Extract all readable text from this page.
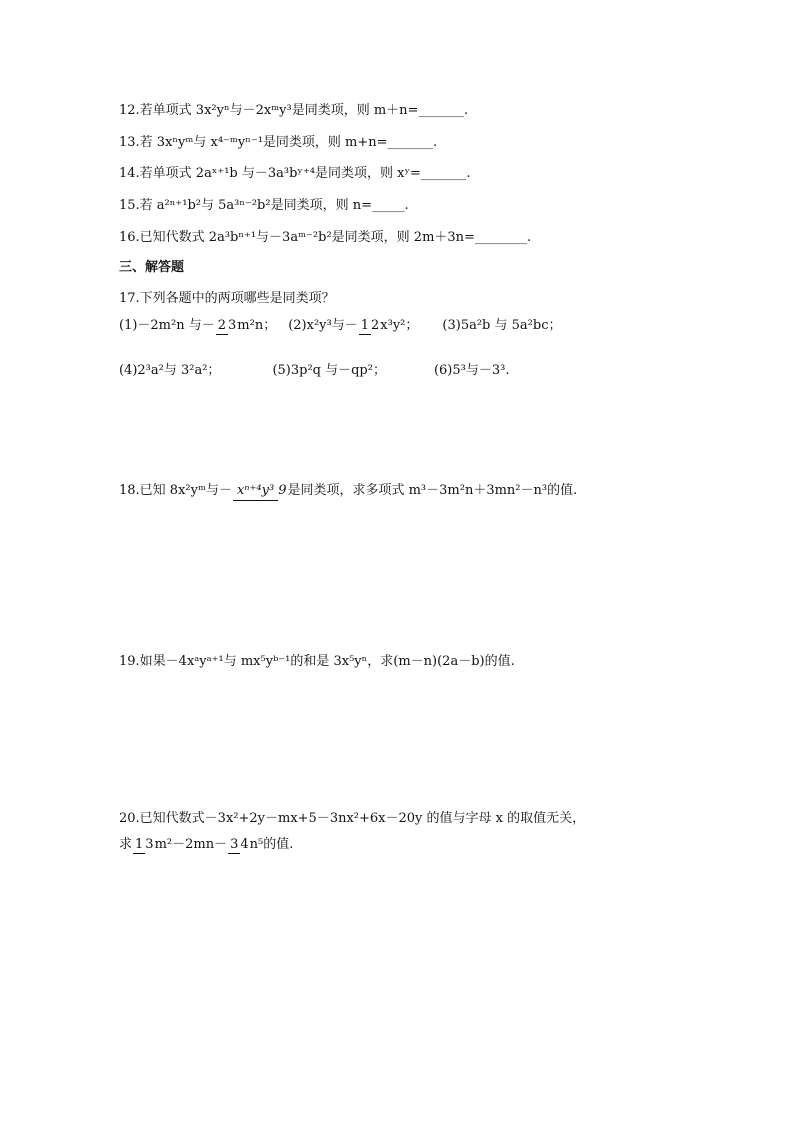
12.若单项式 3x²yⁿ与－2xᵐy³是同类项，则 m＋n=_______.
13.若 3xⁿyᵐ与 x⁴⁻ᵐyⁿ⁻¹是同类项，则 m+n=_______.
14.若单项式 2aˣ⁺¹b 与－3a³bʸ⁺⁴是同类项，则 xʸ=_______.
15.若 a²ⁿ⁺¹b²与 5a³ⁿ⁻²b²是同类项，则 n=_____.
16.已知代数式 2a³bⁿ⁺¹与－3aᵐ⁻²b²是同类项，则 2m＋3n=________.
三、解答题
17.下列各题中的两项哪些是同类项？
(1)－2m²n 与－ 2 3m²n； (2)x²y³与－ 1 2x³y²； (3)5a²b 与 5a²bc；
(4)2³a²与 3²a²；	(5)3p²q 与－qp²；	(6)5³与－3³.
18.已知 8x²yᵐ与－ xⁿ⁺⁴y³ 9是同类项，求多项式 m³－3m²n＋3mn²－n³的值.
19.如果－4xᵃyᵃ⁺¹与 mx⁵yᵇ⁻¹的和是 3x⁵yⁿ，求(m－n)(2a－b)的值.
20.已知代数式－3x²+2y－mx+5－3nx²+6x－20y 的值与字母 x 的取值无关，
求 1 3m²－2mn－ 3 4n⁵的值.
